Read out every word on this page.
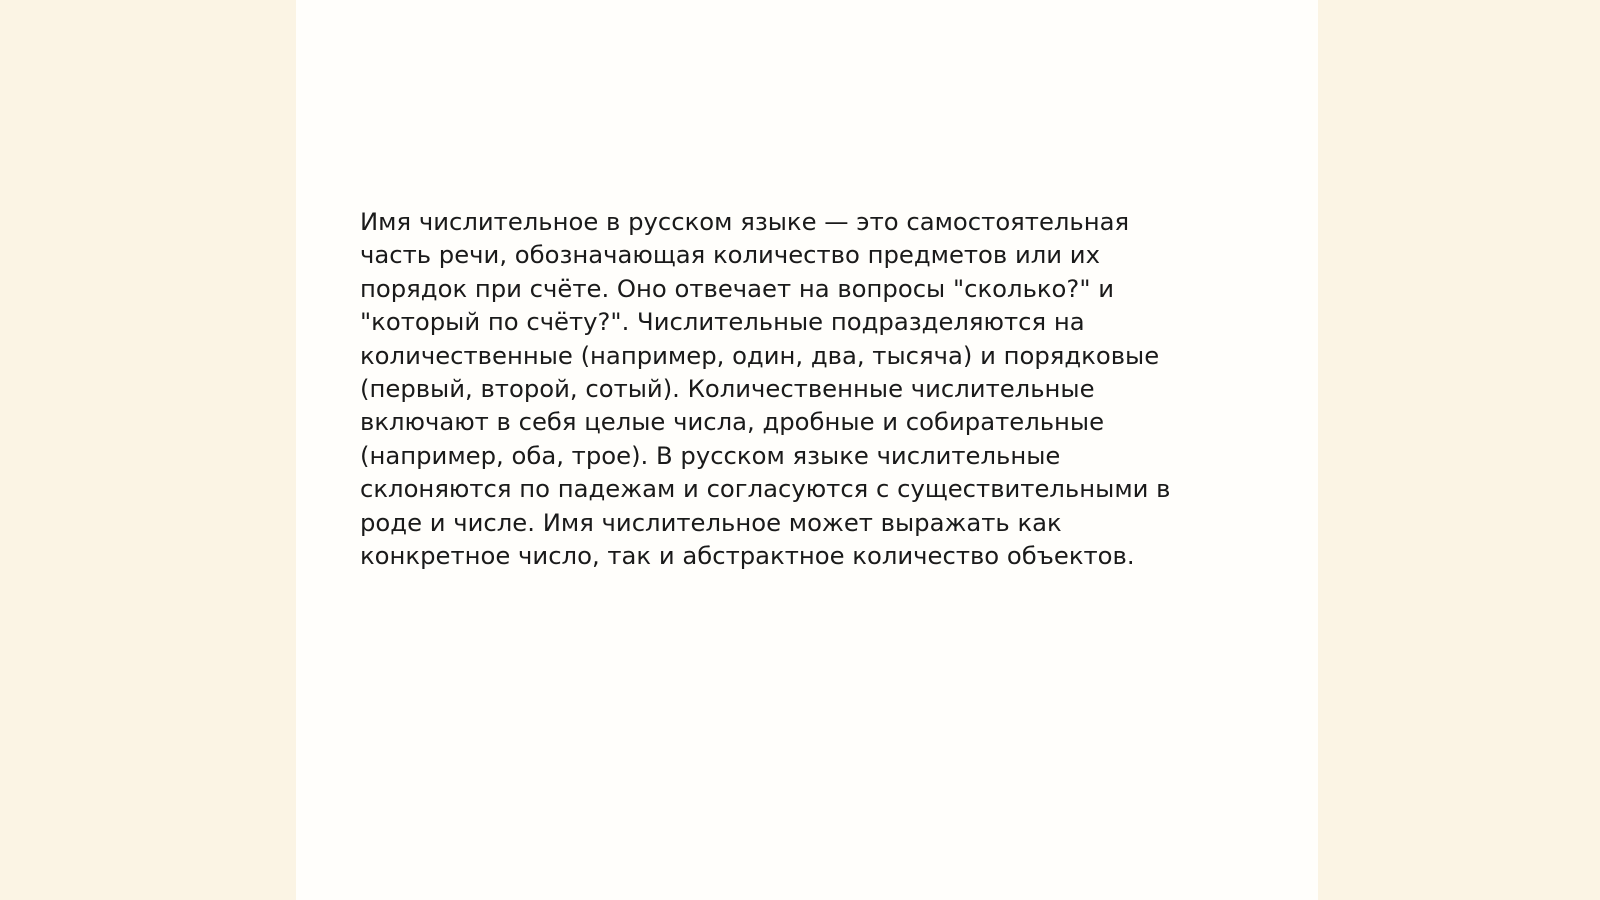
Имя числительное в русском языке — это самостоятельная
часть речи, обозначающая количество предметов или их
порядок при счёте. Оно отвечает на вопросы "сколько?" и
"который по счёту?". Числительные подразделяются на
количественные (например, один, два, тысяча) и порядковые
(первый, второй, сотый). Количественные числительные
включают в себя целые числа, дробные и собирательные
(например, оба, трое). В русском языке числительные
склоняются по падежам и согласуются с существительными в
роде и числе. Имя числительное может выражать как
конкретное число, так и абстрактное количество объектов.
